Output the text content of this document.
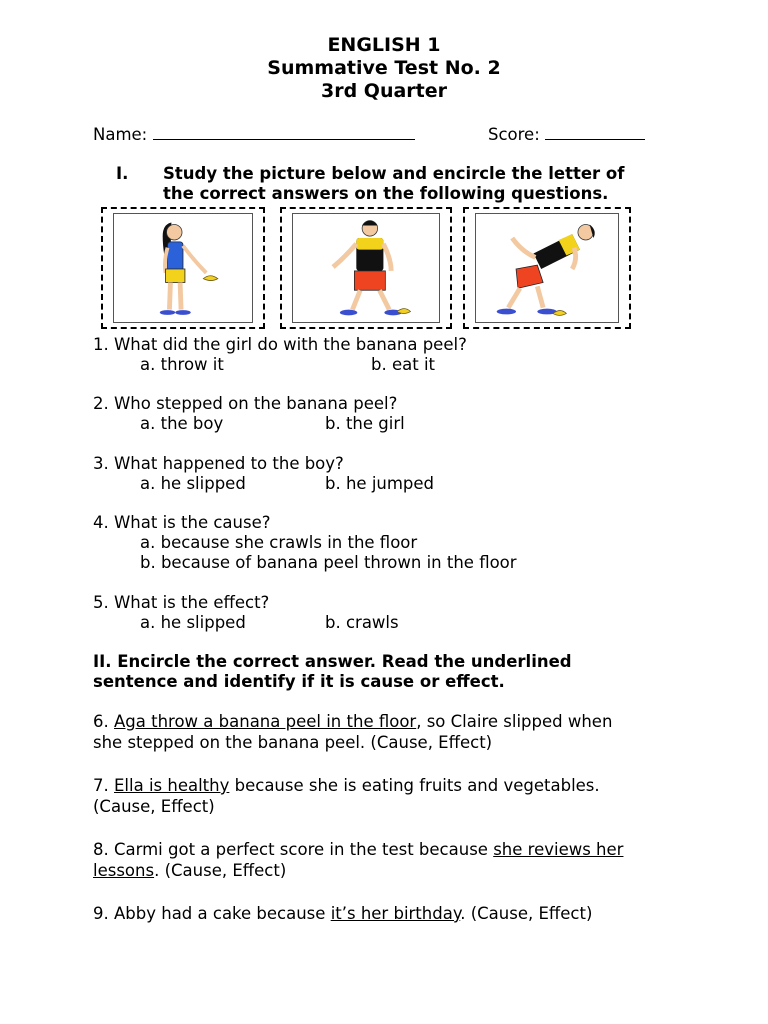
ENGLISH 1
Summative Test No. 2
3rd Quarter
Name:	Score:
I. Study the picture below and encircle the letter of
the correct answers on the following questions.
1. What did the girl do with the banana peel?
a. throw it	b. eat it
2. Who stepped on the banana peel?
a. the boy	b. the girl
3. What happened to the boy?
a. he slipped	b. he jumped
4. What is the cause?
a. because she crawls in the floor
b. because of banana peel thrown in the floor
5. What is the effect?
a. he slipped	b. crawls
II. Encircle the correct answer. Read the underlined
sentence and identify if it is cause or effect.
6. Aga throw a banana peel in the floor, so Claire slipped when
she stepped on the banana peel. (Cause, Effect)
7. Ella is healthy because she is eating fruits and vegetables.
(Cause, Effect)
8. Carmi got a perfect score in the test because she reviews her
lessons. (Cause, Effect)
9. Abby had a cake because it’s her birthday. (Cause, Effect)
